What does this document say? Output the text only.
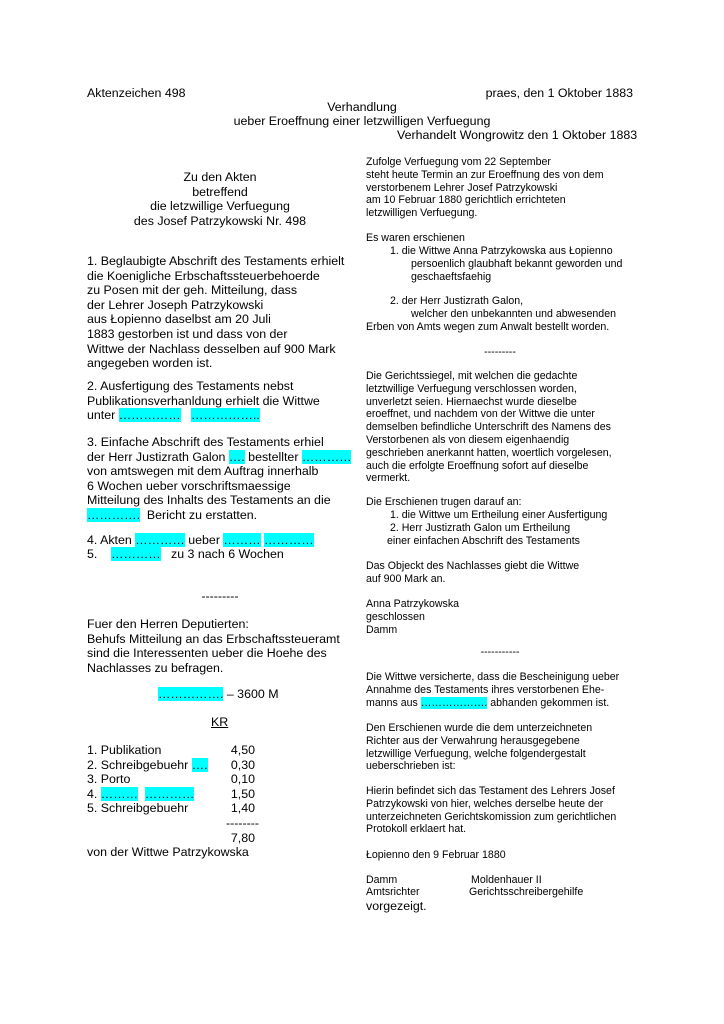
Aktenzeichen 498	praes, den 1 Oktober 1883
Verhandlung
ueber Eroeffnung einer letzwilligen Verfuegung
Verhandelt Wongrowitz den 1 Oktober 1883
Zu den Akten
betreffend
die letzwillige Verfuegung
des Josef Patrzykowski Nr. 498
1. Beglaubigte Abschrift des Testaments erhielt
die Koenigliche Erbschaftssteuerbehoerde
zu Posen mit der geh. Mitteilung, dass
der Lehrer Joseph Patrzykowski
aus Łopienno daselbst am 20 Juli
1883 gestorben ist und dass von der
Wittwe der Nachlass desselben auf 900 Mark
angegeben worden ist.
2. Ausfertigung des Testaments nebst
Publikationsverhanldung erhielt die Wittwe
unter …………… ……………..
3. Einfache Abschrift des Testaments erhiel
der Herr Justizrath Galon …. bestellter …………
von amtswegen mit dem Auftrag innerhalb
6 Wochen ueber vorschriftsmaessige
Mitteilung des Inhalts des Testaments an die
…………. Bericht zu erstatten.
4. Akten ………… ueber ……… …………
5. ………… zu 3 nach 6 Wochen
---------
Fuer den Herren Deputierten:
Behufs Mitteilung an das Erbschaftssteueramt
sind die Interessenten ueber die Hoehe des
Nachlasses zu befragen.
……………. – 3600 M
KR
1. Publikation	4,50
2. Schreibgebuehr ….	0,30
3. Porto	0,10
4. ……… …………	1,50
5. Schreibgebuehr	1,40
--------
7,80
von der Wittwe Patrzykowska
Zufolge Verfuegung vom 22 September
steht heute Termin an zur Eroeffnung des von dem
verstorbenem Lehrer Josef Patrzykowski
am 10 Februar 1880 gerichtlich errichteten
letzwilligen Verfuegung.
Es waren erschienen
1. die Wittwe Anna Patrzykowska aus Łopienno
persoenlich glaubhaft bekannt geworden und
geschaeftsfaehig
2. der Herr Justizrath Galon,
welcher den unbekannten und abwesenden
Erben von Amts wegen zum Anwalt bestellt worden.
---------
Die Gerichtssiegel, mit welchen die gedachte
letztwillige Verfuegung verschlossen worden,
unverletzt seien. Hiernaechst wurde dieselbe
eroeffnet, und nachdem von der Wittwe die unter
demselben befindliche Unterschrift des Namens des
Verstorbenen als von diesem eigenhaendig
geschrieben anerkannt hatten, woertlich vorgelesen,
auch die erfolgte Eroeffnung sofort auf dieselbe
vermerkt.
Die Erschienen trugen darauf an:
1. die Wittwe um Ertheilung einer Ausfertigung
2. Herr Justizrath Galon um Ertheilung
einer einfachen Abschrift des Testaments
Das Objeckt des Nachlasses giebt die Wittwe
auf 900 Mark an.
Anna Patrzykowska
geschlossen
Damm
-----------
Die Wittwe versicherte, dass die Bescheinigung ueber
Annahme des Testaments ihres verstorbenen Ehe-
manns aus ………………. abhanden gekommen ist.
Den Erschienen wurde die dem unterzeichneten
Richter aus der Verwahrung herausgegebene
letzwillige Verfuegung, welche folgendergestalt
ueberschrieben ist:
Hierin befindet sich das Testament des Lehrers Josef
Patrzykowski von hier, welches derselbe heute der
unterzeichneten Gerichtskomission zum gerichtlichen
Protokoll erklaert hat.
Łopienno den 9 Februar 1880
Damm	Moldenhauer II
Amtsrichter	Gerichtsschreibergehilfe
vorgezeigt.
